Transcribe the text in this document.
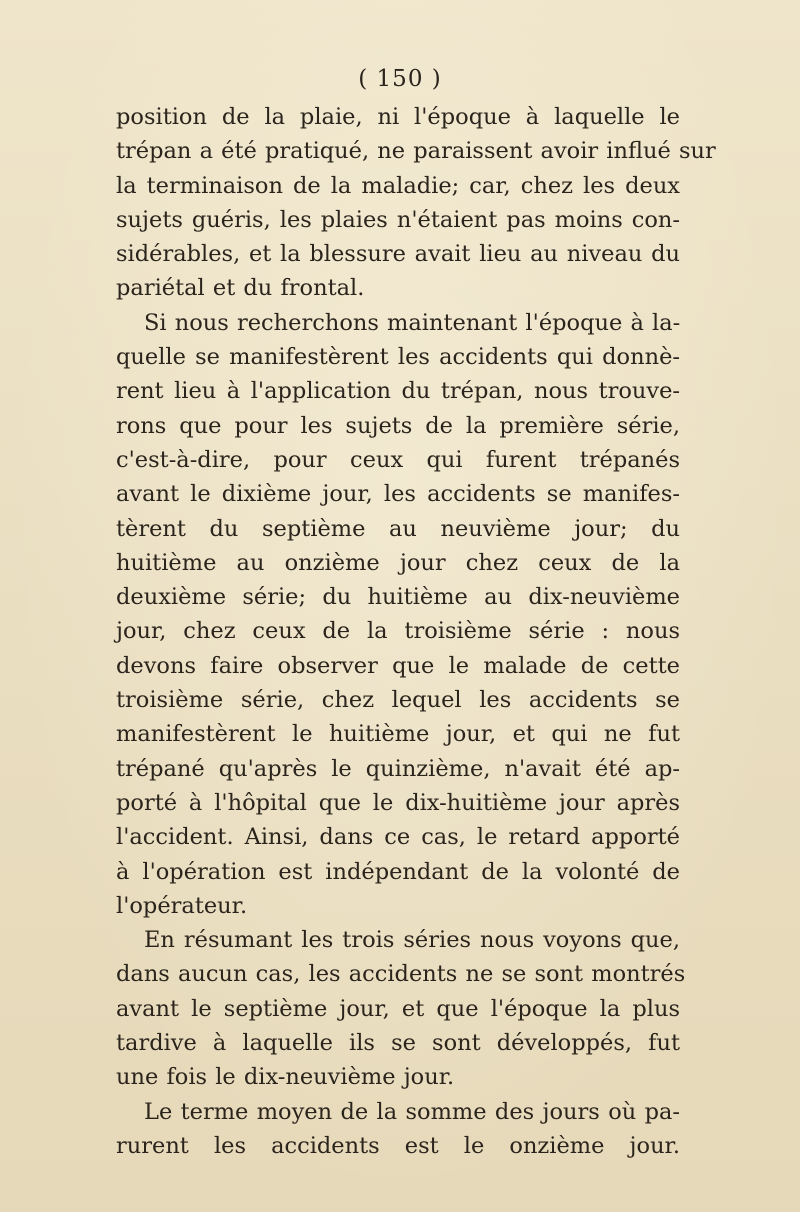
( 150 )
position de la plaie, ni l'époque à laquelle le
trépan a été pratiqué, ne paraissent avoir influé sur
la terminaison de la maladie; car, chez les deux
sujets guéris, les plaies n'étaient pas moins con-
sidérables, et la blessure avait lieu au niveau du
pariétal et du frontal.
Si nous recherchons maintenant l'époque à la-
quelle se manifestèrent les accidents qui donnè-
rent lieu à l'application du trépan, nous trouve-
rons que pour les sujets de la première série,
c'est-à-dire, pour ceux qui furent trépanés
avant le dixième jour, les accidents se manifes-
tèrent du septième au neuvième jour; du
huitième au onzième jour chez ceux de la
deuxième série; du huitième au dix-neuvième
jour, chez ceux de la troisième série : nous
devons faire observer que le malade de cette
troisième série, chez lequel les accidents se
manifestèrent le huitième jour, et qui ne fut
trépané qu'après le quinzième, n'avait été ap-
porté à l'hôpital que le dix-huitième jour après
l'accident. Ainsi, dans ce cas, le retard apporté
à l'opération est indépendant de la volonté de
l'opérateur.
En résumant les trois séries nous voyons que,
dans aucun cas, les accidents ne se sont montrés
avant le septième jour, et que l'époque la plus
tardive à laquelle ils se sont développés, fut
une fois le dix-neuvième jour.
Le terme moyen de la somme des jours où pa-
rurent les accidents est le onzième jour.
